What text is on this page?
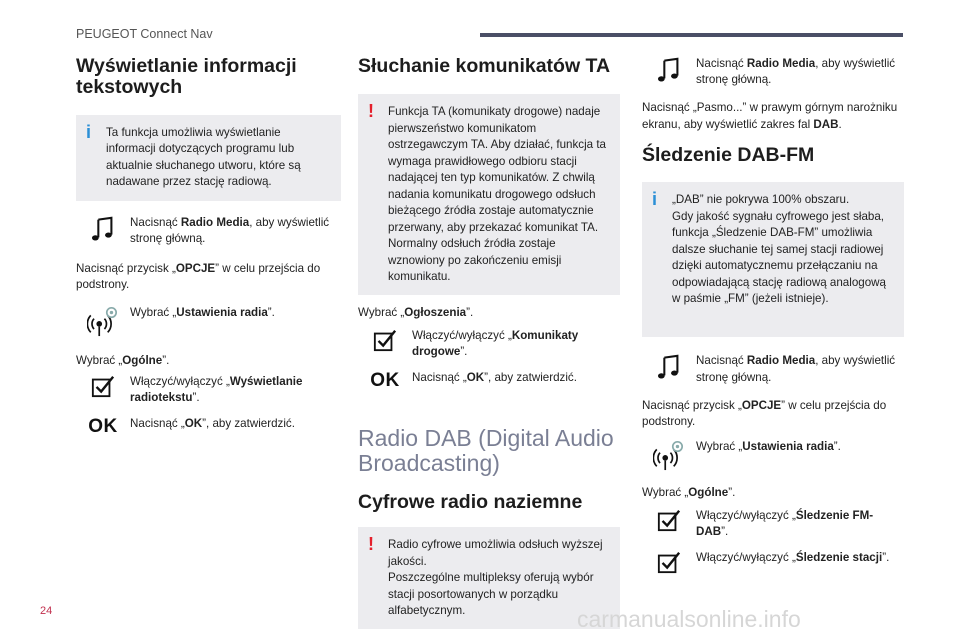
PEUGEOT Connect Nav
Wyświetlanie informacji tekstowych
i Ta funkcja umożliwia wyświetlanie informacji dotyczących programu lub aktualnie słuchanego utworu, które są nadawane przez stację radiową.
Nacisnąć Radio Media, aby wyświetlić stronę główną.

Nacisnąć przycisk „OPCJE” w celu przejścia do podstrony.

Wybrać „Ustawienia radia”.

Wybrać „Ogólne”.

Włączyć/wyłączyć „Wyświetlanie radiotekstu”.
OK Nacisnąć „OK”, aby zatwierdzić.
Słuchanie komunikatów TA
! Funkcja TA (komunikaty drogowe) nadaje pierwszeństwo komunikatom ostrzegawczym TA. Aby działać, funkcja ta wymaga prawidłowego odbioru stacji nadającej ten typ komunikatów. Z chwilą nadania komunikatu drogowego odsłuch bieżącego źródła zostaje automatycznie przerwany, aby przekazać komunikat TA. Normalny odsłuch źródła zostaje wznowiony po zakończeniu emisji komunikatu.

Wybrać „Ogłoszenia”.

Włączyć/wyłączyć „Komunikaty drogowe”.
OK Nacisnąć „OK”, aby zatwierdzić.
Radio DAB (Digital Audio Broadcasting)
Cyfrowe radio naziemne
! Radio cyfrowe umożliwia odsłuch wyższej jakości.
Poszczególne multipleksy oferują wybór stacji posortowanych w porządku alfabetycznym.
Nacisnąć Radio Media, aby wyświetlić stronę główną.

Nacisnąć „Pasmo...” w prawym górnym narożniku ekranu, aby wyświetlić zakres fal DAB.

Śledzenie DAB-FM
i „DAB” nie pokrywa 100% obszaru.
Gdy jakość sygnału cyfrowego jest słaba, funkcja „Śledzenie DAB-FM” umożliwia dalsze słuchanie tej samej stacji radiowej dzięki automatycznemu przełączaniu na odpowiadającą stację radiową analogową w paśmie „FM” (jeżeli istnieje).
Nacisnąć Radio Media, aby wyświetlić stronę główną.

Nacisnąć przycisk „OPCJE” w celu przejścia do podstrony.

Wybrać „Ustawienia radia”.

Wybrać „Ogólne”.

Włączyć/wyłączyć „Śledzenie FM-DAB”.
Włączyć/wyłączyć „Śledzenie stacji”.
24	carmanualsonline.info
